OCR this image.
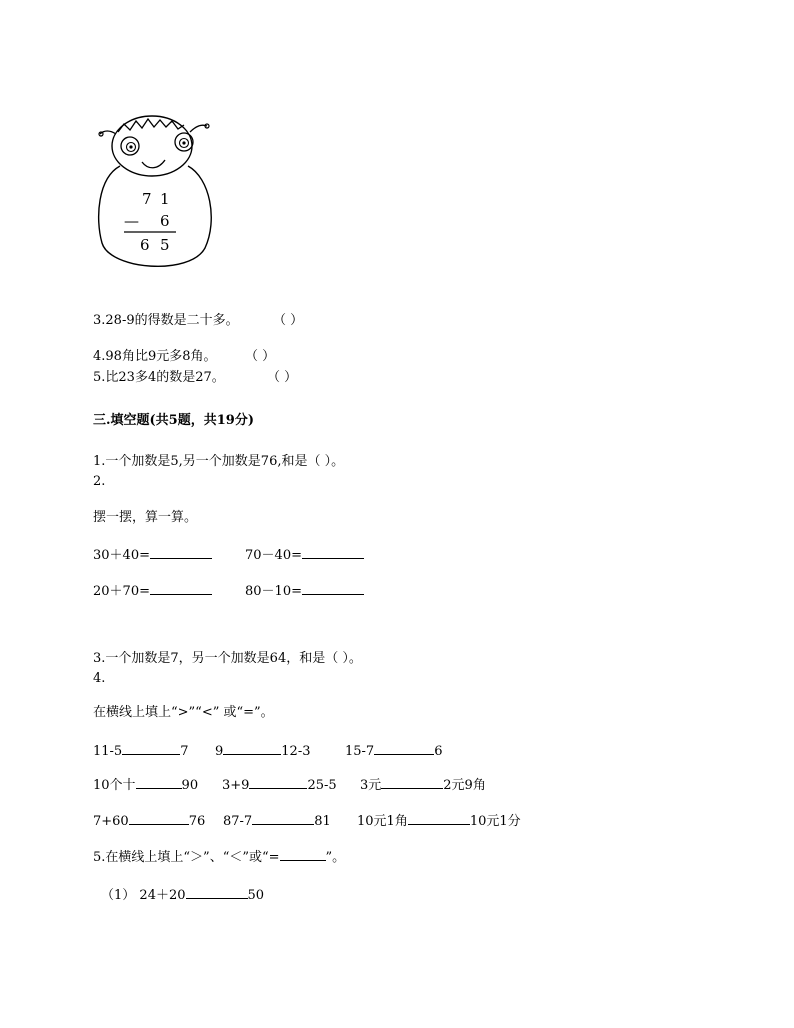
7 1
— 6
6 5
3.28-9的得数是二十多。	（ ）
4.98角比9元多8角。 （ ）
5.比23多4的数是27。	（ ）
三.填空题(共5题，共19分)
1.一个加数是5,另一个加数是76,和是（ ）。
2.
摆一摆，算一算。
30＋40=	70－40=
20＋70=	80－10=
3.一个加数是7，另一个加数是64，和是（ ）。
4.
在横线上填上“>”“<” 或“=”。
11-5	7 9	12-3	15-7	6
10个十	90 3+9	25-5 3元	2元9角
7+60	76 87-7	81 10元1角	10元1分
5.在横线上填上“＞”、“＜”或“=	”。
（1） 24＋20	50
